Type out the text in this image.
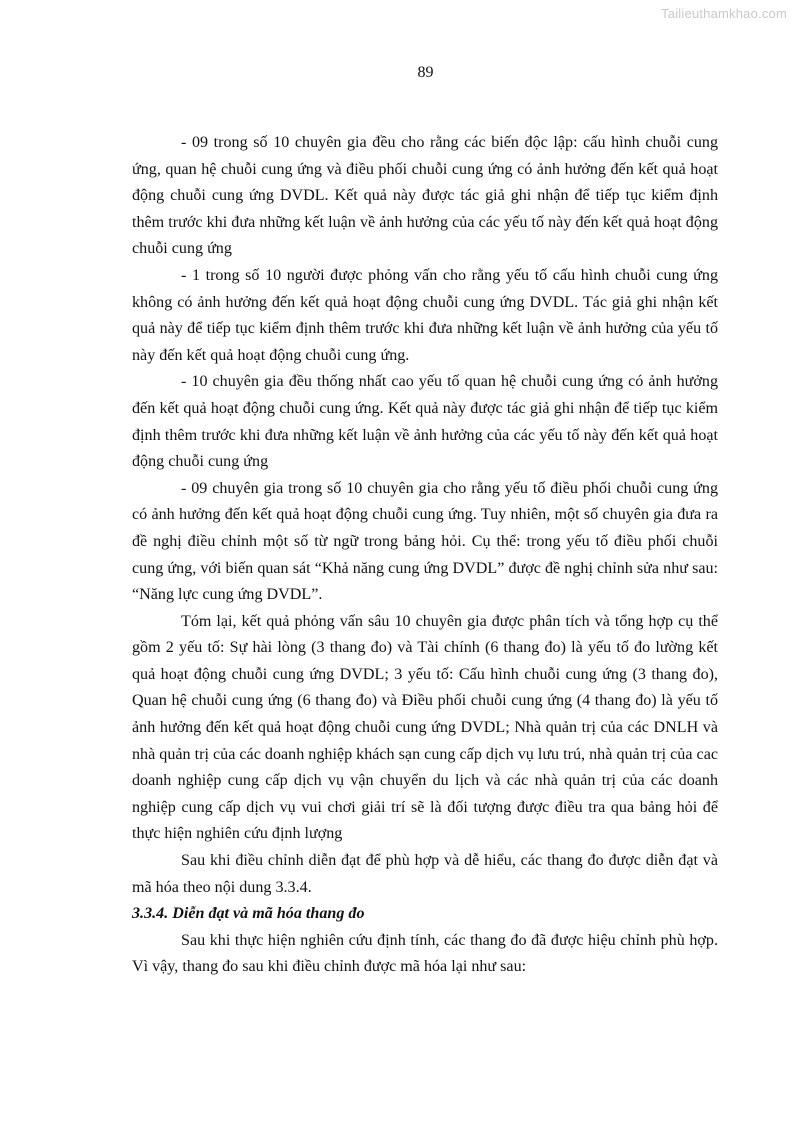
Tailieuthamkhao.com
89

- 09 trong số 10 chuyên gia đều cho rằng các biến độc lập: cấu hình chuỗi cung ứng, quan hệ chuỗi cung ứng và điều phối chuỗi cung ứng có ảnh hưởng đến kết quả hoạt động chuỗi cung ứng DVDL. Kết quả này được tác giả ghi nhận để tiếp tục kiểm định thêm trước khi đưa những kết luận về ảnh hưởng của các yếu tố này đến kết quả hoạt động chuỗi cung ứng

- 1 trong số 10 người được phỏng vấn cho rằng yếu tố cấu hình chuỗi cung ứng không có ảnh hưởng đến kết quả hoạt động chuỗi cung ứng DVDL. Tác giả ghi nhận kết quả này để tiếp tục kiểm định thêm trước khi đưa những kết luận về ảnh hưởng của yếu tố này đến kết quả hoạt động chuỗi cung ứng.

- 10 chuyên gia đều thống nhất cao yếu tố quan hệ chuỗi cung ứng có ảnh hưởng đến kết quả hoạt động chuỗi cung ứng. Kết quả này được tác giả ghi nhận để tiếp tục kiểm định thêm trước khi đưa những kết luận về ảnh hưởng của các yếu tố này đến kết quả hoạt động chuỗi cung ứng

- 09 chuyên gia trong số 10 chuyên gia cho rằng yếu tố điều phối chuỗi cung ứng có ảnh hưởng đến kết quả hoạt động chuỗi cung ứng. Tuy nhiên, một số chuyên gia đưa ra đề nghị điều chỉnh một số từ ngữ trong bảng hỏi. Cụ thể: trong yếu tố điều phối chuỗi cung ứng, với biến quan sát “Khả năng cung ứng DVDL” được đề nghị chỉnh sửa như sau: “Năng lực cung ứng DVDL”.

Tóm lại, kết quả phỏng vấn sâu 10 chuyên gia được phân tích và tổng hợp cụ thể gồm 2 yếu tố: Sự hài lòng (3 thang đo) và Tài chính (6 thang đo) là yếu tố đo lường kết quả hoạt động chuỗi cung ứng DVDL; 3 yếu tố: Cấu hình chuỗi cung ứng (3 thang đo), Quan hệ chuỗi cung ứng (6 thang đo) và Điều phối chuỗi cung ứng (4 thang đo) là yếu tố ảnh hưởng đến kết quả hoạt động chuỗi cung ứng DVDL; Nhà quản trị của các DNLH và nhà quản trị của các doanh nghiệp khách sạn cung cấp dịch vụ lưu trú, nhà quản trị của cac doanh nghiệp cung cấp dịch vụ vận chuyển du lịch và các nhà quản trị của các doanh nghiệp cung cấp dịch vụ vui chơi giải trí sẽ là đối tượng được điều tra qua bảng hỏi để thực hiện nghiên cứu định lượng

Sau khi điều chỉnh diễn đạt để phù hợp và dễ hiểu, các thang đo được diễn đạt và mã hóa theo nội dung 3.3.4.

3.3.4. Diễn đạt và mã hóa thang đo

Sau khi thực hiện nghiên cứu định tính, các thang đo đã được hiệu chỉnh phù hợp. Vì vậy, thang đo sau khi điều chỉnh được mã hóa lại như sau:
